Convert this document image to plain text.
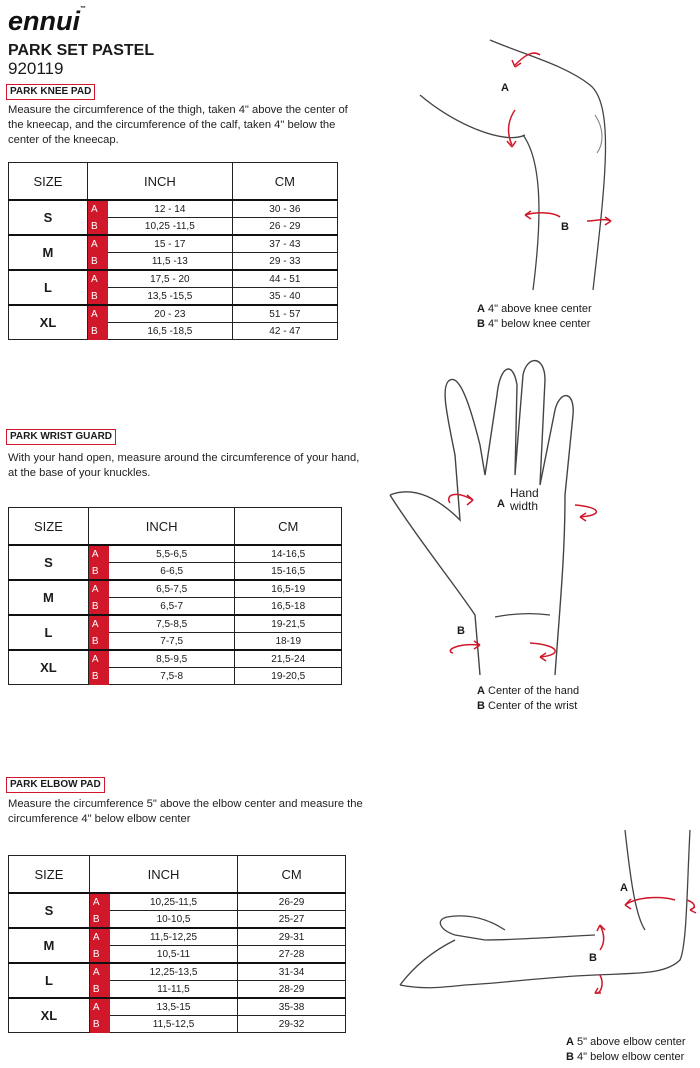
ennui™
PARK SET PASTEL
920119
PARK KNEE PAD
Measure the circumference of the thigh, taken 4" above the center of the kneecap, and the circumference of the calf, taken 4" below the center of the kneecap.
SIZE	INCH		CM
S	A	12 - 14	30 - 36
	B	10,25 -11,5	26 - 29
M	A	15 - 17	37 - 43
	B	11,5 -13	29 - 33
L	A	17,5 - 20	44 - 51
	B	13,5 -15,5	35 - 40
XL	A	20 - 23	51 - 57
	B	16,5 -18,5	42 - 47
A
B
A 4" above knee center
B 4" below knee center
PARK WRIST GUARD
With your hand open, measure around the circumference of your hand, at the base of your knuckles.
SIZE	INCH		CM
S	A	5,5-6,5	14-16,5
	B	6-6,5	15-16,5
M	A	6,5-7,5	16,5-19
	B	6,5-7	16,5-18
L	A	7,5-8,5	19-21,5
	B	7-7,5	18-19
XL	A	8,5-9,5	21,5-24
	B	7,5-8	19-20,5
Hand
A width
B
A Center of the hand
B Center of the wrist
PARK ELBOW PAD
Measure the circumference 5" above the elbow center and measure the circumference 4" below elbow center
SIZE	INCH		CM
S	A	10,25-11,5	26-29
	B	10-10,5	25-27
M	A	11,5-12,25	29-31
	B	10,5-11	27-28
L	A	12,25-13,5	31-34
	B	11-11,5	28-29
XL	A	13,5-15	35-38
	B	11,5-12,5	29-32
A
B
A 5" above elbow center
B 4" below elbow center
